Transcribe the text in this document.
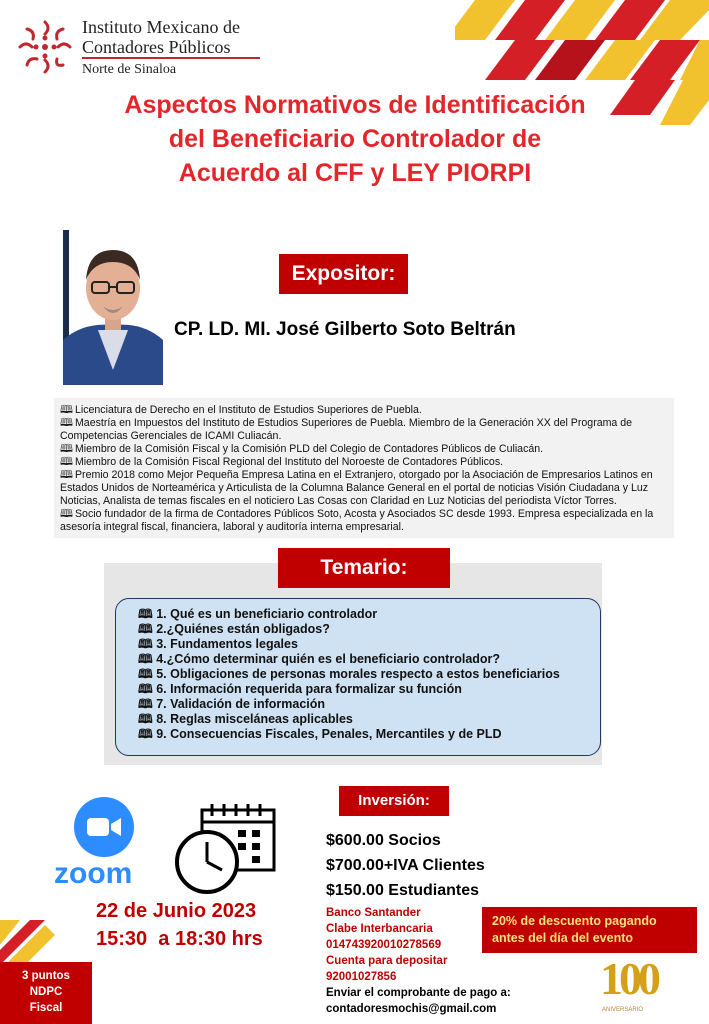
Instituto Mexicano de
Contadores Públicos
Norte de Sinaloa
Aspectos Normativos de Identificación
del Beneficiario Controlador de
Acuerdo al CFF y LEY PIORPI
Expositor:
CP. LD. MI. José Gilberto Soto Beltrán

🕮 Licenciatura de Derecho en el Instituto de Estudios Superiores de Puebla.

🕮 Maestría en Impuestos del Instituto de Estudios Superiores de Puebla. Miembro de la Generación XX del Programa de Competencias Gerenciales de ICAMI Culiacán.

🕮 Miembro de la Comisión Fiscal y la Comisión PLD del Colegio de Contadores Públicos de Culiacán.

🕮 Miembro de la Comisión Fiscal Regional del Instituto del Noroeste de Contadores Públicos.

🕮 Premio 2018 como Mejor Pequeña Empresa Latina en el Extranjero, otorgado por la Asociación de Empresarios Latinos en Estados Unidos de Norteamérica y Articulista de la Columna Balance General en el portal de noticias Visión Ciudadana y Luz Noticias, Analista de temas fiscales en el noticiero Las Cosas con Claridad en Luz Noticias del periodista Víctor Torres.

🕮 Socio fundador de la firma de Contadores Públicos Soto, Acosta y Asociados SC desde 1993. Empresa especializada en la asesoría integral fiscal, financiera, laboral y auditoría interna empresarial.

Temario:
🕮 1. Qué es un beneficiario controlador
🕮 2.¿Quiénes están obligados?
🕮 3. Fundamentos legales
🕮 4.¿Cómo determinar quién es el beneficiario controlador?
🕮 5. Obligaciones de personas morales respecto a estos beneficiarios
🕮 6. Información requerida para formalizar su función
🕮 7. Validación de información
🕮 8. Reglas misceláneas aplicables
🕮 9. Consecuencias Fiscales, Penales, Mercantiles y de PLD
zoom
22 de Junio 2023
15:30  a 18:30 hrs
3 puntos
NDPC
Fiscal
Inversión:
$600.00 Socios
$700.00+IVA Clientes
$150.00 Estudiantes
Banco Santander
Clabe Interbancaria
014743920010278569
Cuenta para depositar
92001027856
Enviar el comprobante de pago a:
contadoresmochis@gmail.com
20% de descuento pagando antes del día del evento
100
ANIVERSARIO
